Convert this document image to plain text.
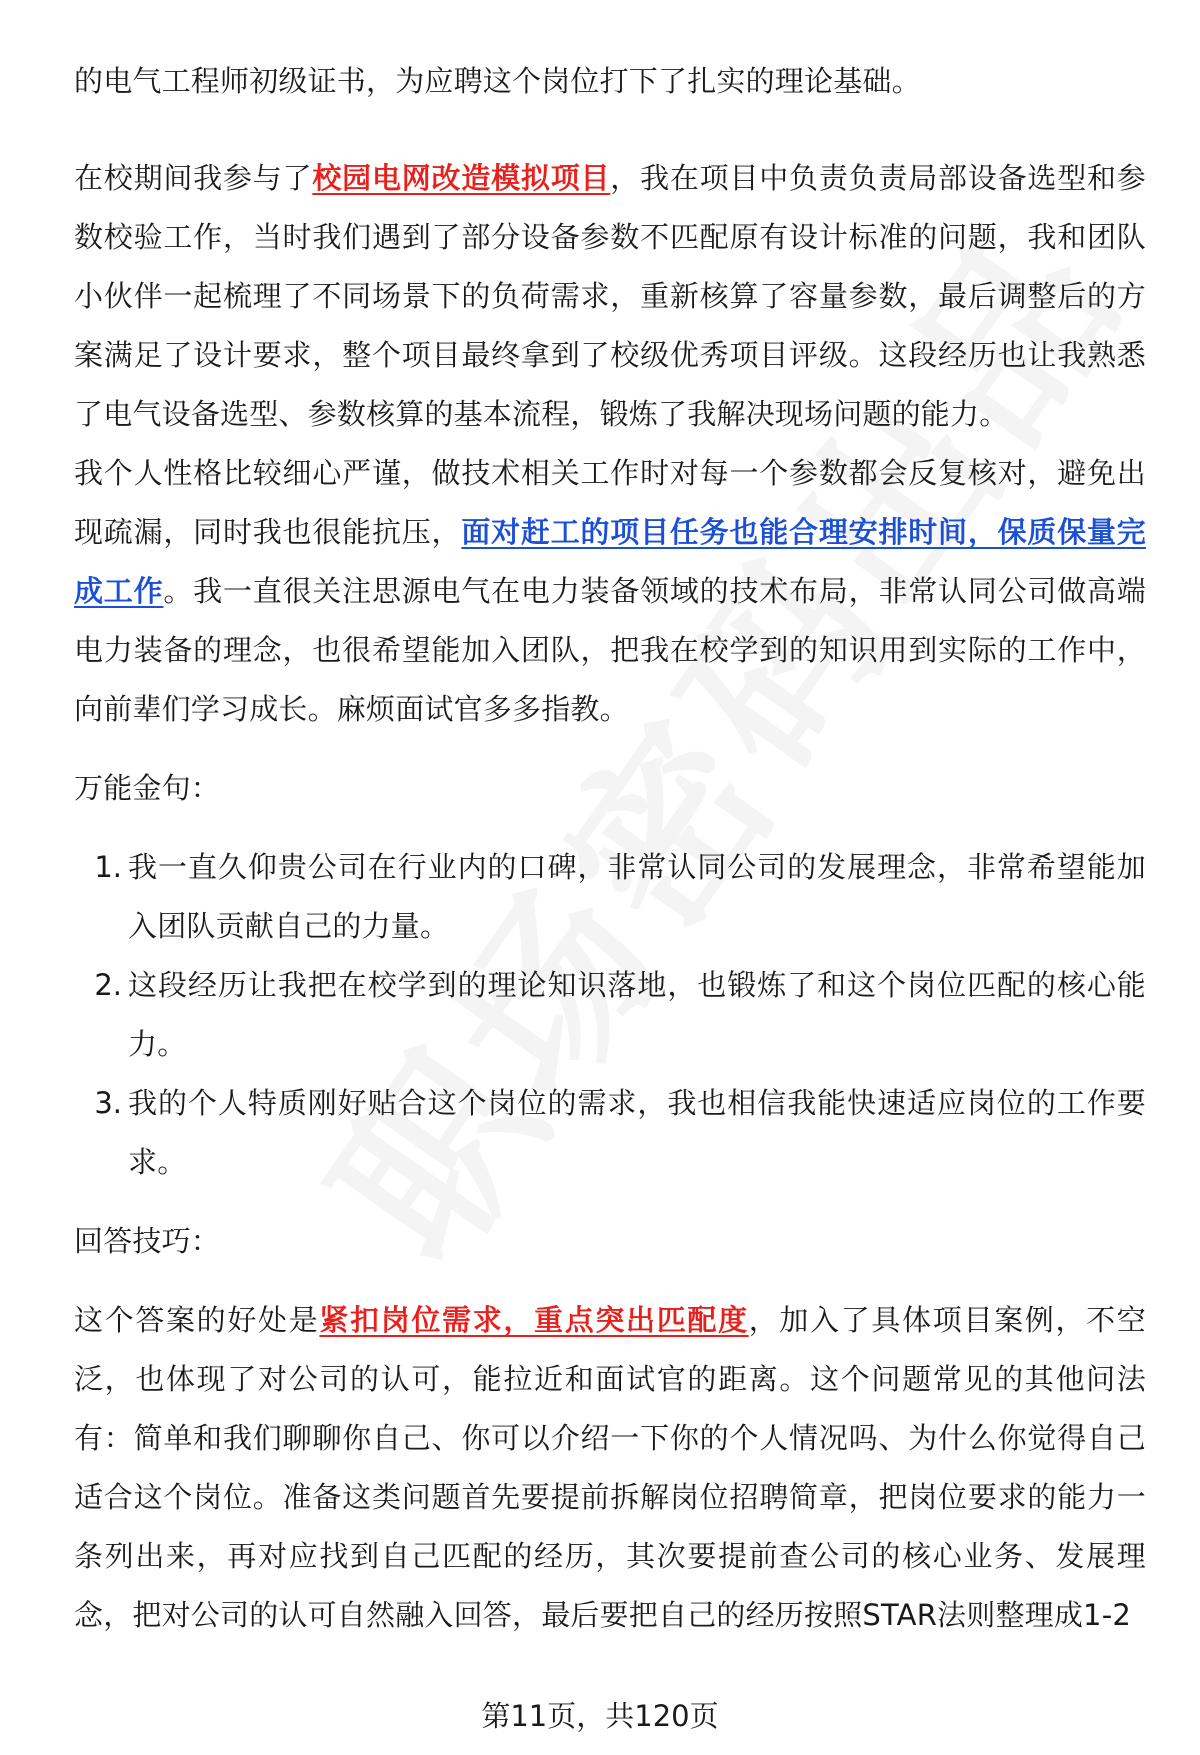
的电气工程师初级证书，为应聘这个岗位打下了扎实的理论基础。

在校期间我参与了校园电网改造模拟项目，我在项目中负责负责局部设备选型和参数校验工作，当时我们遇到了部分设备参数不匹配原有设计标准的问题，我和团队小伙伴一起梳理了不同场景下的负荷需求，重新核算了容量参数，最后调整后的方案满足了设计要求，整个项目最终拿到了校级优秀项目评级。这段经历也让我熟悉了电气设备选型、参数核算的基本流程，锻炼了我解决现场问题的能力。

我个人性格比较细心严谨，做技术相关工作时对每一个参数都会反复核对，避免出现疏漏，同时我也很能抗压，面对赶工的项目任务也能合理安排时间，保质保量完成工作。我一直很关注思源电气在电力装备领域的技术布局，非常认同公司做高端电力装备的理念，也很希望能加入团队，把我在校学到的知识用到实际的工作中，向前辈们学习成长。麻烦面试官多多指教。

万能金句：

1. 我一直久仰贵公司在行业内的口碑，非常认同公司的发展理念，非常希望能加入团队贡献自己的力量。

2. 这段经历让我把在校学到的理论知识落地，也锻炼了和这个岗位匹配的核心能力。

3. 我的个人特质刚好贴合这个岗位的需求，我也相信我能快速适应岗位的工作要求。

回答技巧：

这个答案的好处是紧扣岗位需求，重点突出匹配度，加入了具体项目案例，不空泛，也体现了对公司的认可，能拉近和面试官的距离。这个问题常见的其他问法有：简单和我们聊聊你自己、你可以介绍一下你的个人情况吗、为什么你觉得自己适合这个岗位。准备这类问题首先要提前拆解岗位招聘简章，把岗位要求的能力一条列出来，再对应找到自己匹配的经历，其次要提前查公司的核心业务、发展理念，把对公司的认可自然融入回答，最后要把自己的经历按照STAR法则整理成1-2

第11页，共120页
